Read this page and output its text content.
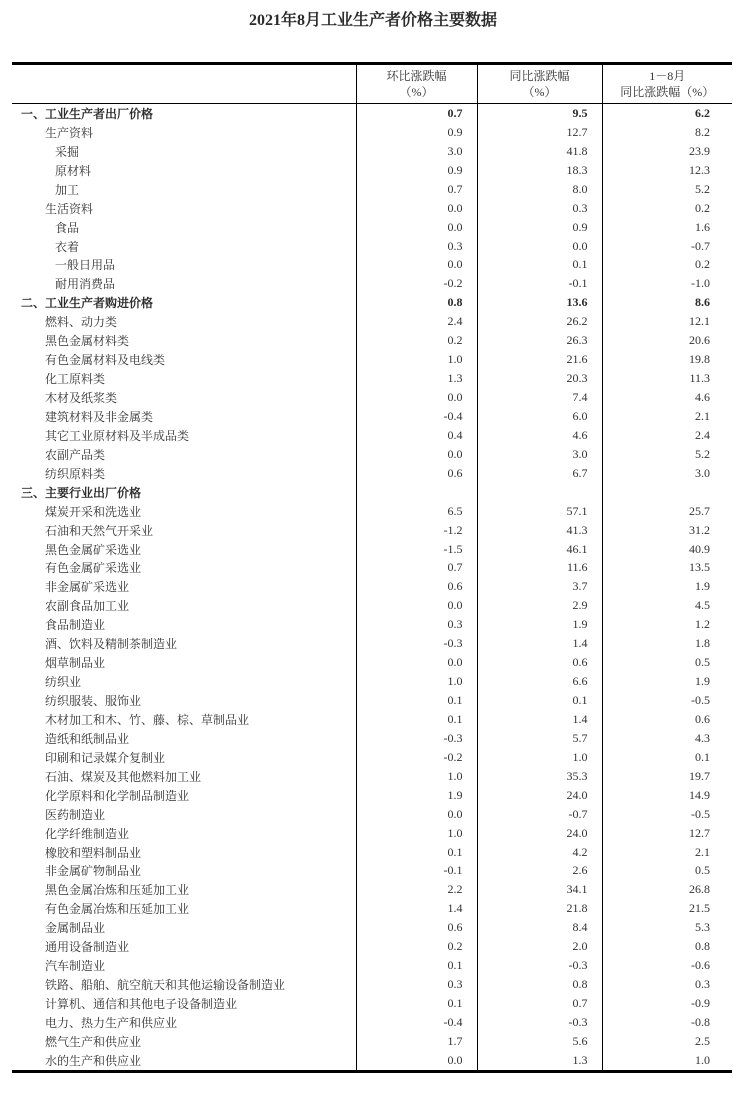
2021年8月工业生产者价格主要数据

环比涨跌幅
（%）

同比涨跌幅
（%）

1－8月
同比涨跌幅（%）

一、工业生产者出厂价格	0.7	9.5	6.2
生产资料	0.9	12.7	8.2
采掘	3.0	41.8	23.9
原材料	0.9	18.3	12.3
加工	0.7	8.0	5.2
生活资料	0.0	0.3	0.2
食品	0.0	0.9	1.6
衣着	0.3	0.0	-0.7
一般日用品	0.0	0.1	0.2
耐用消费品	-0.2	-0.1	-1.0
二、工业生产者购进价格	0.8	13.6	8.6
燃料、动力类	2.4	26.2	12.1
黑色金属材料类	0.2	26.3	20.6
有色金属材料及电线类	1.0	21.6	19.8
化工原料类	1.3	20.3	11.3
木材及纸浆类	0.0	7.4	4.6
建筑材料及非金属类	-0.4	6.0	2.1
其它工业原材料及半成品类	0.4	4.6	2.4
农副产品类	0.0	3.0	5.2
纺织原料类	0.6	6.7	3.0
三、主要行业出厂价格			
煤炭开采和洗选业	6.5	57.1	25.7
石油和天然气开采业	-1.2	41.3	31.2
黑色金属矿采选业	-1.5	46.1	40.9
有色金属矿采选业	0.7	11.6	13.5
非金属矿采选业	0.6	3.7	1.9
农副食品加工业	0.0	2.9	4.5
食品制造业	0.3	1.9	1.2
酒、饮料及精制茶制造业	-0.3	1.4	1.8
烟草制品业	0.0	0.6	0.5
纺织业	1.0	6.6	1.9
纺织服装、服饰业	0.1	0.1	-0.5
木材加工和木、竹、藤、棕、草制品业	0.1	1.4	0.6
造纸和纸制品业	-0.3	5.7	4.3
印刷和记录媒介复制业	-0.2	1.0	0.1
石油、煤炭及其他燃料加工业	1.0	35.3	19.7
化学原料和化学制品制造业	1.9	24.0	14.9
医药制造业	0.0	-0.7	-0.5
化学纤维制造业	1.0	24.0	12.7
橡胶和塑料制品业	0.1	4.2	2.1
非金属矿物制品业	-0.1	2.6	0.5
黑色金属冶炼和压延加工业	2.2	34.1	26.8
有色金属冶炼和压延加工业	1.4	21.8	21.5
金属制品业	0.6	8.4	5.3
通用设备制造业	0.2	2.0	0.8
汽车制造业	0.1	-0.3	-0.6
铁路、船舶、航空航天和其他运输设备制造业	0.3	0.8	0.3
计算机、通信和其他电子设备制造业	0.1	0.7	-0.9
电力、热力生产和供应业	-0.4	-0.3	-0.8
燃气生产和供应业	1.7	5.6	2.5
水的生产和供应业	0.0	1.3	1.0
